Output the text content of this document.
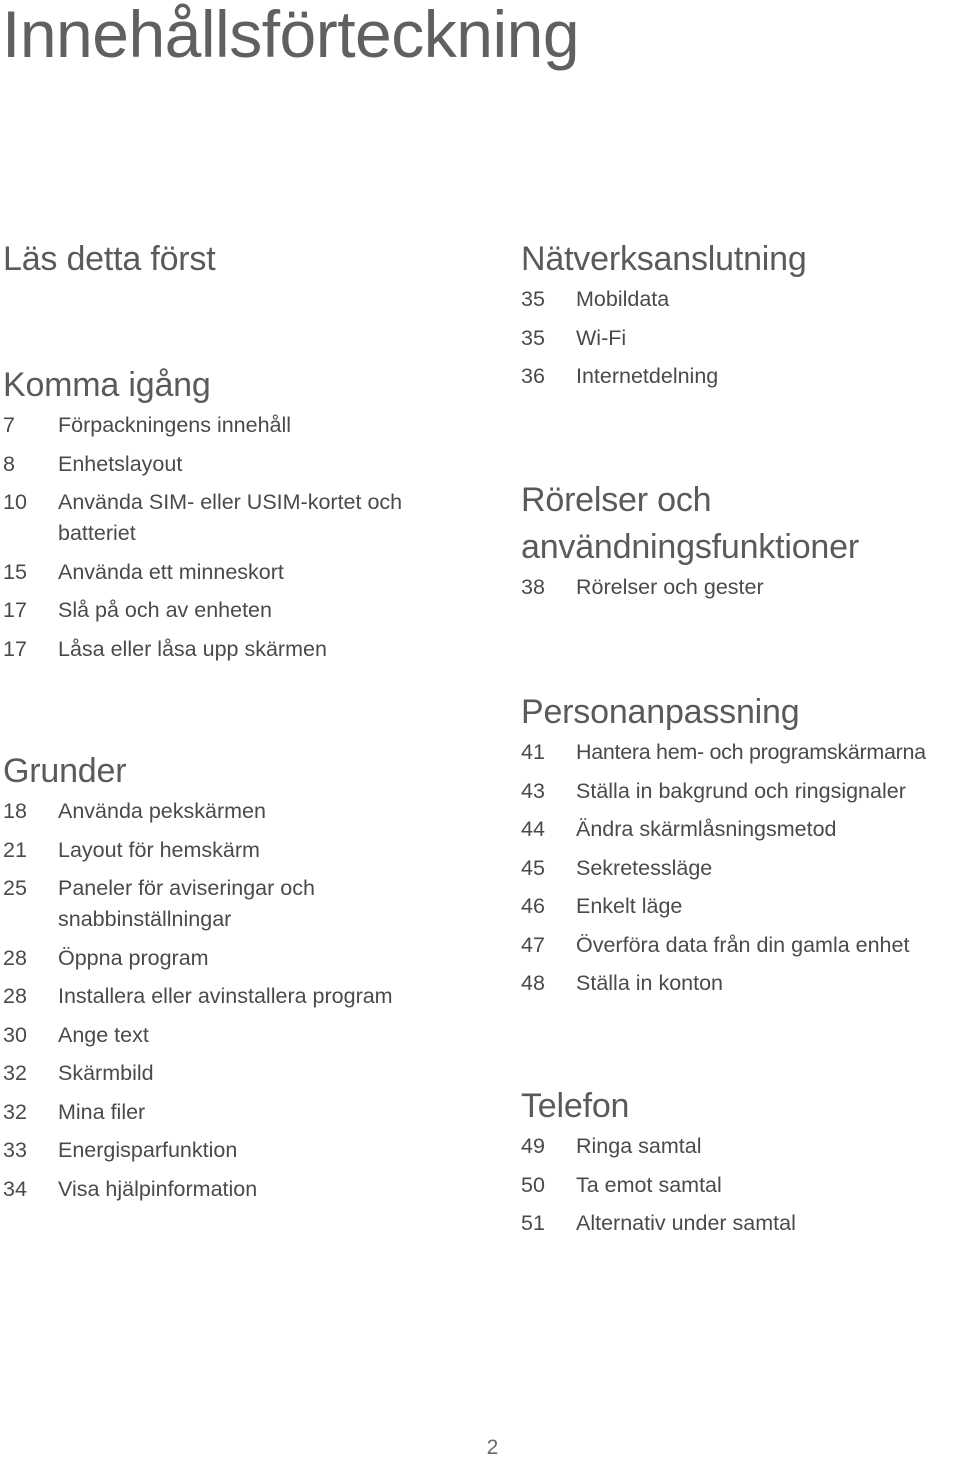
Innehållsförteckning
Läs detta först
Komma igång
7	Förpackningens innehåll
8	Enhetslayout
10	Använda SIM- eller USIM-kortet och batteriet
15	Använda ett minneskort
17	Slå på och av enheten
17	Låsa eller låsa upp skärmen
Grunder
18	Använda pekskärmen
21	Layout för hemskärm
25	Paneler för aviseringar och snabbinställningar
28	Öppna program
28	Installera eller avinstallera program
30	Ange text
32	Skärmbild
32	Mina filer
33	Energisparfunktion
34	Visa hjälpinformation
Nätverksanslutning
35	Mobildata
35	Wi-Fi
36	Internetdelning
Rörelser och användningsfunktioner
38	Rörelser och gester
Personanpassning
41	Hantera hem- och programskärmarna
43	Ställa in bakgrund och ringsignaler
44	Ändra skärmlåsningsmetod
45	Sekretessläge
46	Enkelt läge
47	Överföra data från din gamla enhet
48	Ställa in konton
Telefon
49	Ringa samtal
50	Ta emot samtal
51	Alternativ under samtal
2
